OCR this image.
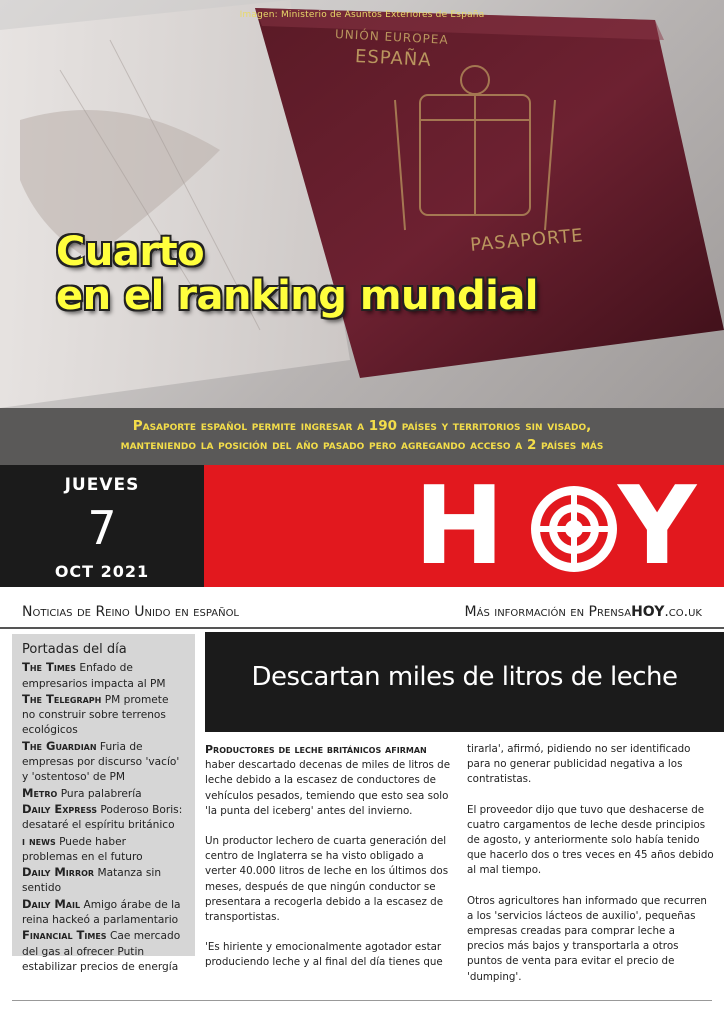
Imagen: Ministerio de Asuntos Exteriores de España
UNIÓN EUROPEA
ESPAÑA
PASAPORTE
Cuarto
en el ranking mundial
Pasaporte español permite ingresar a 190 países y territorios sin visado,
manteniendo la posición del año pasado pero agregando acceso a 2 países más
JUEVES
7
OCT 2021	H Y
Noticias de Reino Unido en español	Más información en PrensaHOY.co.uk
Portadas del día
The Times Enfado de empresarios impacta al PM
The Telegraph PM promete no construir sobre terrenos ecológicos
The Guardian Furia de empresas por discurso 'vacío' y 'ostentoso' de PM
Metro Pura palabrería
Daily Express Poderoso Boris: desataré el espíritu británico
i news Puede haber problemas en el futuro
Daily Mirror Matanza sin sentido
Daily Mail Amigo árabe de la reina hackeó a parlamentario
Financial Times Cae mercado del gas al ofrecer Putin estabilizar precios de energía
Descartan miles de litros de leche

Productores de leche británicos afirman haber descartado decenas de miles de litros de leche debido a la escasez de conductores de vehículos pesados, temiendo que esto sea solo 'la punta del iceberg' antes del invierno.

Un productor lechero de cuarta generación del centro de Inglaterra se ha visto obligado a verter 40.000 litros de leche en los últimos dos meses, después de que ningún conductor se presentara a recogerla debido a la escasez de transportistas.

'Es hiriente y emocionalmente agotador estar produciendo leche y al final del día tienes que

tirarla', afirmó, pidiendo no ser identificado para no generar publicidad negativa a los contratistas.

El proveedor dijo que tuvo que deshacerse de cuatro cargamentos de leche desde principios de agosto, y anteriormente solo había tenido que hacerlo dos o tres veces en 45 años debido al mal tiempo.

Otros agricultores han informado que recurren a los 'servicios lácteos de auxilio', pequeñas empresas creadas para comprar leche a precios más bajos y transportarla a otros puntos de venta para evitar el precio de 'dumping'.
